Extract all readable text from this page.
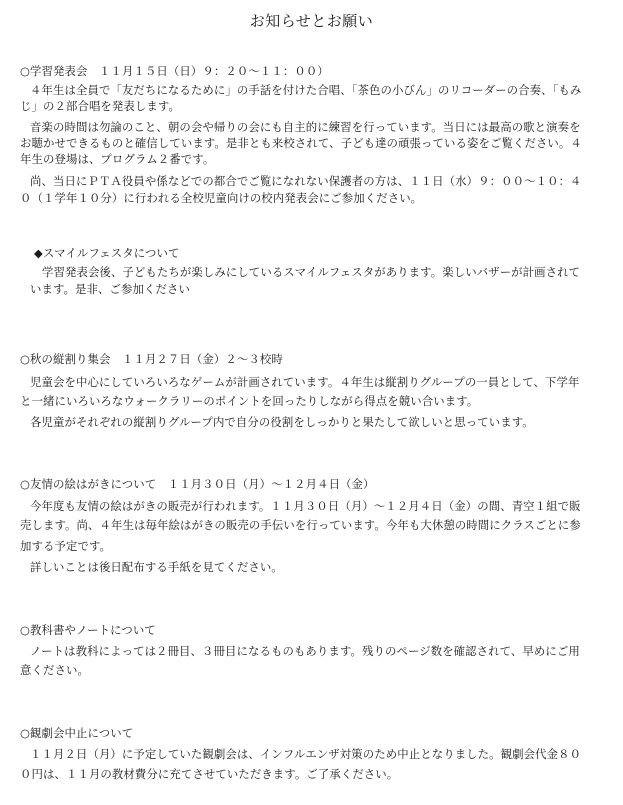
お知らせとお願い
○学習発表会　１１月１５日（日）９：２０～１１：００）
４年生は全員で「友だちになるために」の手話を付けた合唱、「茶色の小びん」のリコーダーの合奏、「もみ
じ」の２部合唱を発表します。
音楽の時間は勿論のこと、朝の会や帰りの会にも自主的に練習を行っています。当日には最高の歌と演奏を
お聴かせできるものと確信しています。是非とも来校されて、子ども達の頑張っている姿をご覧ください。４
年生の登場は、プログラム２番です。
尚、当日にＰＴＡ役員や係などでの都合でご覧になれない保護者の方は、１１日（水）９：００～１０：４
０（１学年１０分）に行われる全校児童向けの校内発表会にご参加ください。
◆スマイルフェスタについて
学習発表会後、子どもたちが楽しみにしているスマイルフェスタがあります。楽しいバザーが計画されて
います。是非、ご参加ください
○秋の縦割り集会　１１月２７日（金）２～３校時
児童会を中心にしていろいろなゲームが計画されています。４年生は縦割りグループの一員として、下学年
と一緒にいろいろなウォークラリーのポイントを回ったりしながら得点を競い合います。
各児童がそれぞれの縦割りグループ内で自分の役割をしっかりと果たして欲しいと思っています。
○友情の絵はがきについて　１１月３０日（月）～１２月４日（金）
今年度も友情の絵はがきの販売が行われます。１１月３０日（月）～１２月４日（金）の間、青空１組で販
売します。尚、４年生は毎年絵はがきの販売の手伝いを行っています。今年も大休憩の時間にクラスごとに参
加する予定です。
詳しいことは後日配布する手紙を見てください。
○教科書やノートについて
ノートは教科によっては２冊目、３冊目になるものもあります。残りのページ数を確認されて、早めにご用
意ください。
○観劇会中止について
１１月２日（月）に予定していた観劇会は、インフルエンザ対策のため中止となりました。観劇会代金８０
０円は、１１月の教材費分に充てさせていただきます。ご了承ください。
